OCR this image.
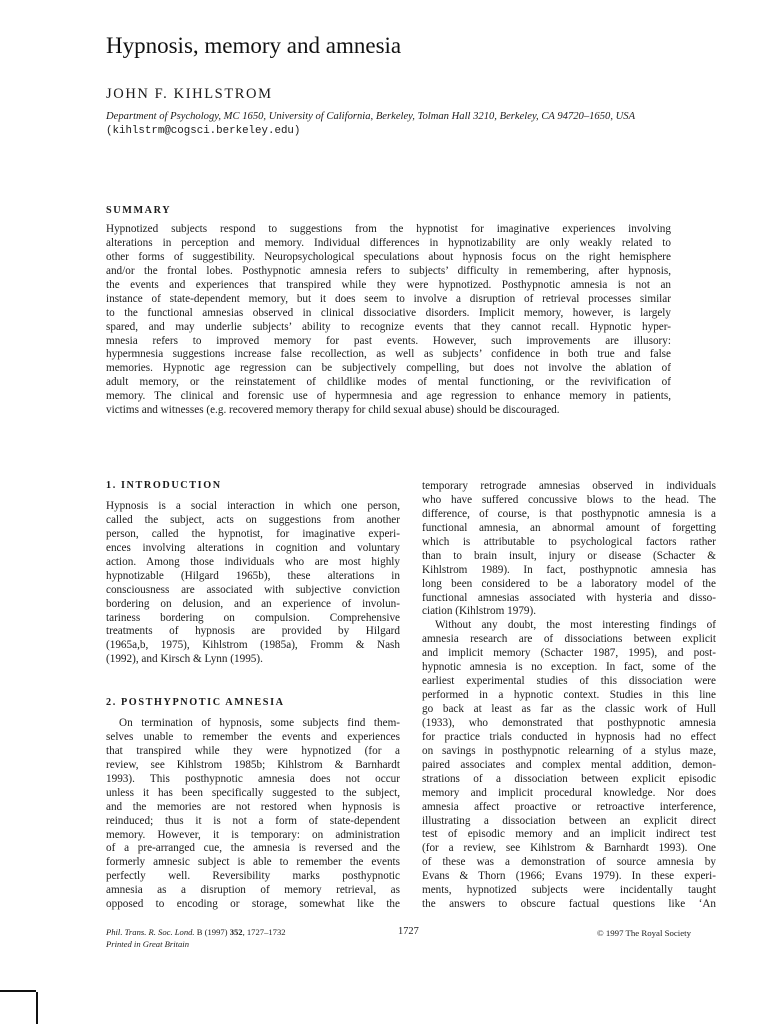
Hypnosis, memory and amnesia
JOHN F. KIHLSTROM
Department of Psychology, MC 1650, University of California, Berkeley, Tolman Hall 3210, Berkeley, CA 94720–1650, USA
(kihlstrm@cogsci.berkeley.edu)
SUMMARY
Hypnotized subjects respond to suggestions from the hypnotist for imaginative experiences involving
alterations in perception and memory. Individual differences in hypnotizability are only weakly related to
other forms of suggestibility. Neuropsychological speculations about hypnosis focus on the right hemisphere
and/or the frontal lobes. Posthypnotic amnesia refers to subjects’ difficulty in remembering, after hypnosis,
the events and experiences that transpired while they were hypnotized. Posthypnotic amnesia is not an
instance of state-dependent memory, but it does seem to involve a disruption of retrieval processes similar
to the functional amnesias observed in clinical dissociative disorders. Implicit memory, however, is largely
spared, and may underlie subjects’ ability to recognize events that they cannot recall. Hypnotic hyper-
mnesia refers to improved memory for past events. However, such improvements are illusory:
hypermnesia suggestions increase false recollection, as well as subjects’ confidence in both true and false
memories. Hypnotic age regression can be subjectively compelling, but does not involve the ablation of
adult memory, or the reinstatement of childlike modes of mental functioning, or the revivification of
memory. The clinical and forensic use of hypermnesia and age regression to enhance memory in patients,
victims and witnesses (e.g. recovered memory therapy for child sexual abuse) should be discouraged.
1. INTRODUCTION
Hypnosis is a social interaction in which one person,
called the subject, acts on suggestions from another
person, called the hypnotist, for imaginative experi-
ences involving alterations in cognition and voluntary
action. Among those individuals who are most highly
hypnotizable (Hilgard 1965b), these alterations in
consciousness are associated with subjective conviction
bordering on delusion, and an experience of involun-
tariness bordering on compulsion. Comprehensive
treatments of hypnosis are provided by Hilgard
(1965a,b, 1975), Kihlstrom (1985a), Fromm & Nash
(1992), and Kirsch & Lynn (1995).
2. POSTHYPNOTIC AMNESIA
On termination of hypnosis, some subjects find them-
selves unable to remember the events and experiences
that transpired while they were hypnotized (for a
review, see Kihlstrom 1985b; Kihlstrom & Barnhardt
1993). This posthypnotic amnesia does not occur
unless it has been specifically suggested to the subject,
and the memories are not restored when hypnosis is
reinduced; thus it is not a form of state-dependent
memory. However, it is temporary: on administration
of a pre-arranged cue, the amnesia is reversed and the
formerly amnesic subject is able to remember the events
perfectly well. Reversibility marks posthypnotic
amnesia as a disruption of memory retrieval, as
opposed to encoding or storage, somewhat like the
temporary retrograde amnesias observed in individuals
who have suffered concussive blows to the head. The
difference, of course, is that posthypnotic amnesia is a
functional amnesia, an abnormal amount of forgetting
which is attributable to psychological factors rather
than to brain insult, injury or disease (Schacter &
Kihlstrom 1989). In fact, posthypnotic amnesia has
long been considered to be a laboratory model of the
functional amnesias associated with hysteria and disso-
ciation (Kihlstrom 1979).
Without any doubt, the most interesting findings of
amnesia research are of dissociations between explicit
and implicit memory (Schacter 1987, 1995), and post-
hypnotic amnesia is no exception. In fact, some of the
earliest experimental studies of this dissociation were
performed in a hypnotic context. Studies in this line
go back at least as far as the classic work of Hull
(1933), who demonstrated that posthypnotic amnesia
for practice trials conducted in hypnosis had no effect
on savings in posthypnotic relearning of a stylus maze,
paired associates and complex mental addition, demon-
strations of a dissociation between explicit episodic
memory and implicit procedural knowledge. Nor does
amnesia affect proactive or retroactive interference,
illustrating a dissociation between an explicit direct
test of episodic memory and an implicit indirect test
(for a review, see Kihlstrom & Barnhardt 1993). One
of these was a demonstration of source amnesia by
Evans & Thorn (1966; Evans 1979). In these experi-
ments, hypnotized subjects were incidentally taught
the answers to obscure factual questions like ‘An
Phil. Trans. R. Soc. Lond. B (1997) 352, 1727–1732
Printed in Great Britain
1727	© 1997 The Royal Society
